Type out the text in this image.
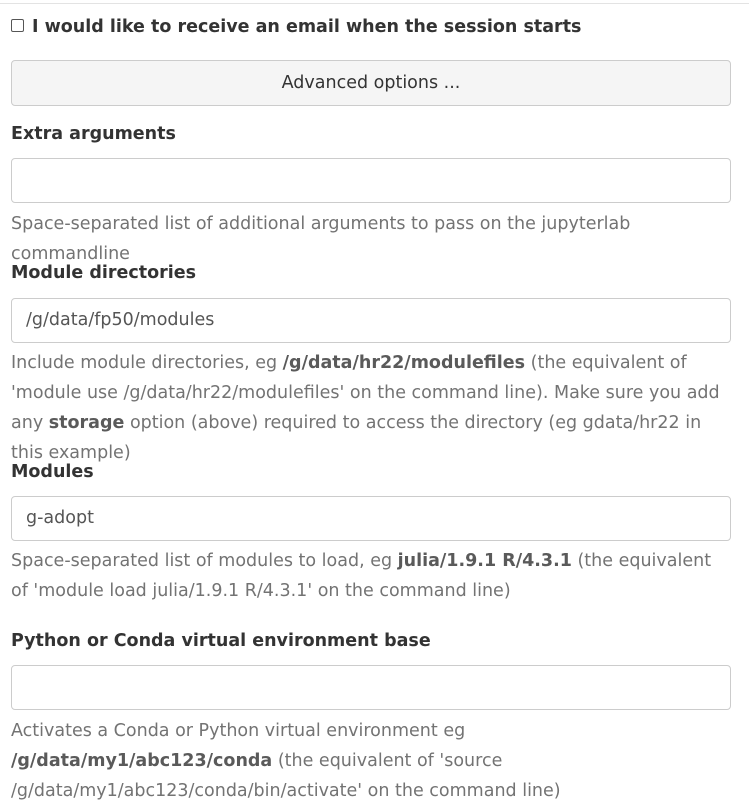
I would like to receive an email when the session starts
Advanced options ...
Extra arguments
Space-separated list of additional arguments to pass on the jupyterlab commandline
Module directories
/g/data/fp50/modules
Include module directories, eg /g/data/hr22/modulefiles (the equivalent of 'module use /g/data/hr22/modulefiles' on the command line). Make sure you add any storage option (above) required to access the directory (eg gdata/hr22 in this example)
Modules
g-adopt
Space-separated list of modules to load, eg julia/1.9.1 R/4.3.1 (the equivalent of 'module load julia/1.9.1 R/4.3.1' on the command line)
Python or Conda virtual environment base
Activates a Conda or Python virtual environment eg /g/data/my1/abc123/conda (the equivalent of 'source /g/data/my1/abc123/conda/bin/activate' on the command line)
